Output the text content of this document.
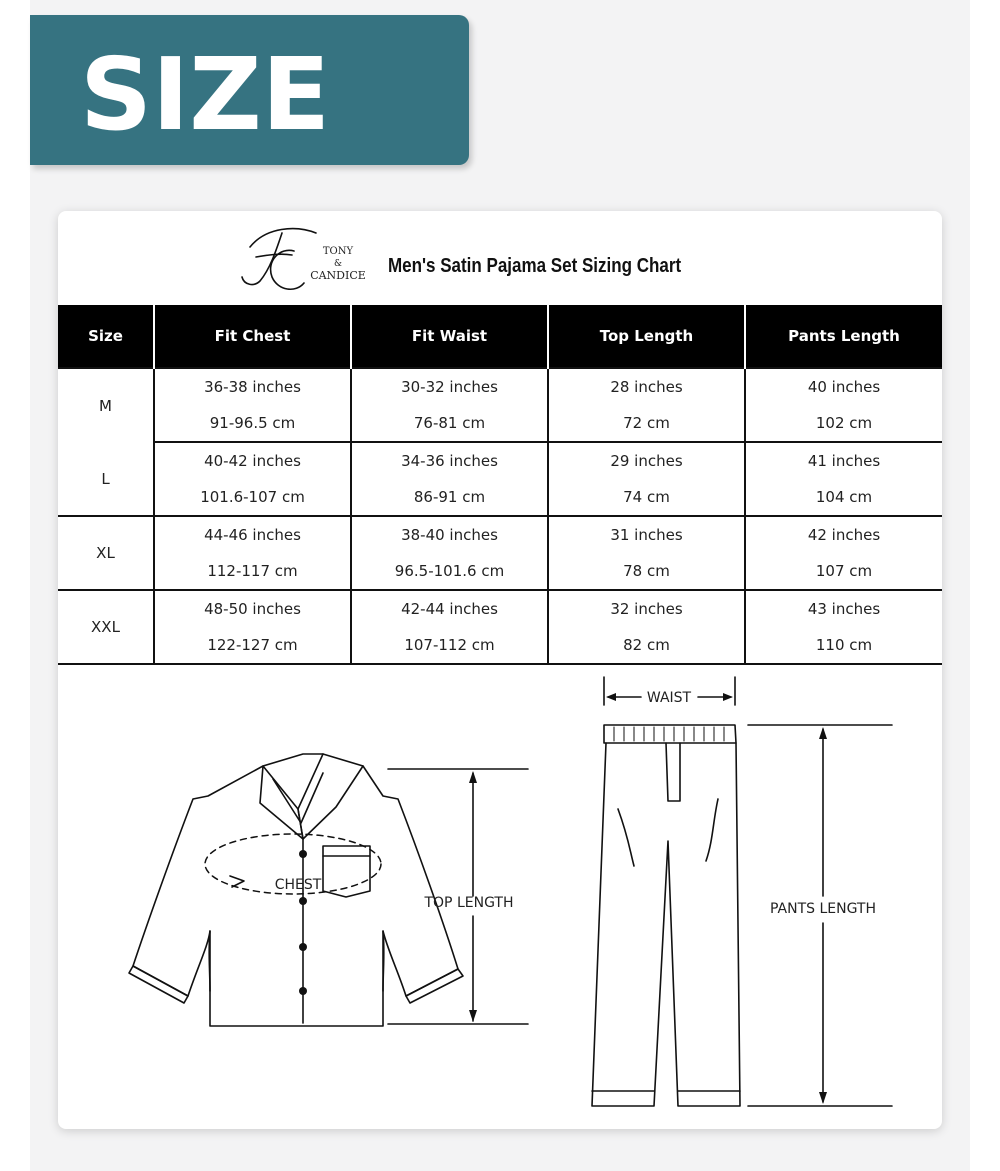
SIZE
TONY
&
CANDICE Men's Satin Pajama Set Sizing Chart
Size	Fit Chest	Fit Waist	Top Length	Pants Length
M	36-38 inches	30-32 inches	28 inches	40 inches
	91-96.5 cm	76-81 cm	72 cm	102 cm
L	40-42 inches	34-36 inches	29 inches	41 inches
	101.6-107 cm	86-91 cm	74 cm	104 cm
XL	44-46 inches	38-40 inches	31 inches	42 inches
	112-117 cm	96.5-101.6 cm	78 cm	107 cm
XXL	48-50 inches	42-44 inches	32 inches	43 inches
	122-127 cm	107-112 cm	82 cm	110 cm
CHEST
TOP LENGTH
WAIST
PANTS LENGTH
